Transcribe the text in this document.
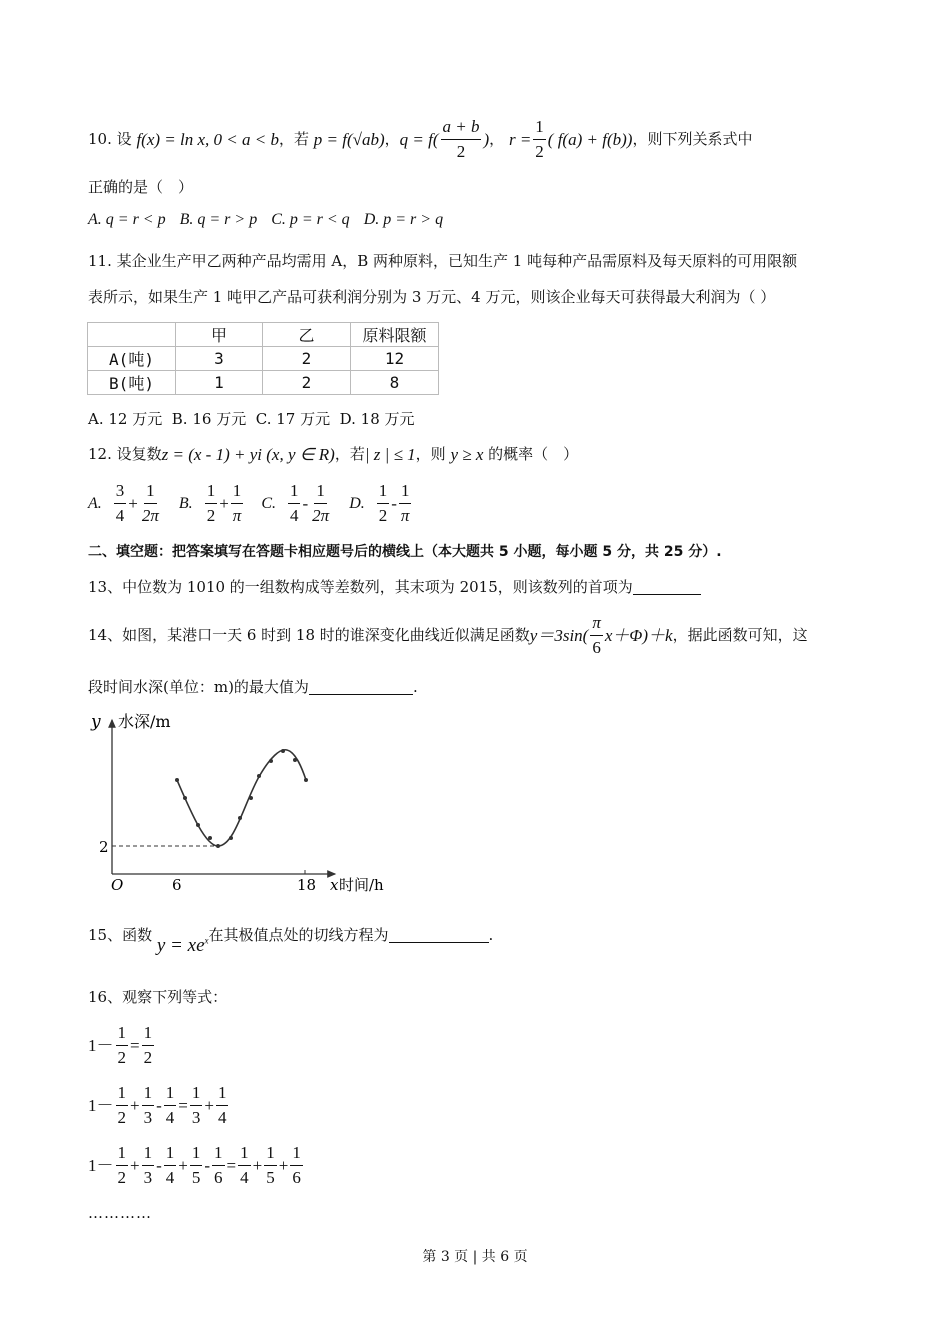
10.
设
f(x) = ln x, 0 < a < b ，若
p = f(√ab) ， $q = f( \frac{a + b}{2}$ ) ，
$r = \frac{1}{2}$ ( f(a) + f(b)) ，则下列关系式中
正确的是（　）
A. q = r < p B. q = r > p C. p = r < q D. p = r > q
11. 某企业生产甲乙两种产品均需用 A，B 两种原料，已知生产 1 吨每种产品需原料及每天原料的可用限额
表所示，如果生产 1 吨甲乙产品可获利润分别为 3 万元、4 万元，则该企业每天可获得最大利润为（ ）
	甲	乙	原料限额
A(吨)	3	2	12
B(吨)	1	2	8
A. 12 万元
B. 16 万元
C. 17 万元
D. 18 万元
12. 设复数 z = (x - 1) + yi (x, y ∈ R) ，若 | z | ≤ 1 ，则
y ≥ x
的概率（　）
A. $\frac{3}{4} + \frac{1}{2\pi} B$. $\frac{1}{2} + \frac{1}{\pi} C$. $\frac{1}{4} - \frac{1}{2\pi} D$. $\frac{1}{2} - \frac{1}{\pi}$
二、填空题：把答案填写在答题卡相应题号后的横线上（本大题共 5 小题，每小题 5 分，共 25 分）.
13、中位数为 1010 的一组数构成等差数列，其末项为 2015，则该数列的首项为
14、如图，某港口一天 6 时到 18 时的谁深变化曲线近似满足函数 $y=3\sin( \frac{\pi}{6} x+\Phi)+k$ ，据此函数可知，这
段时间水深(单位：m)的最大值为	.
y 水深/m
2
O	6	18 x 时间/h
15、函数
$y = xe^x$ 在其极值点处的切线方程为	.
16、观察下列等式：
$1- \frac{1}{2} = \frac{1}{2}$
$1- \frac{1}{2} + \frac{1}{3} - \frac{1}{4} = \frac{1}{3} + \frac{1}{4}$
$1- \frac{1}{2} + \frac{1}{3} - \frac{1}{4} + \frac{1}{5} - \frac{1}{6} = \frac{1}{4} + \frac{1}{5} + \frac{1}{6}$
…………
第 3 页 | 共 6 页
